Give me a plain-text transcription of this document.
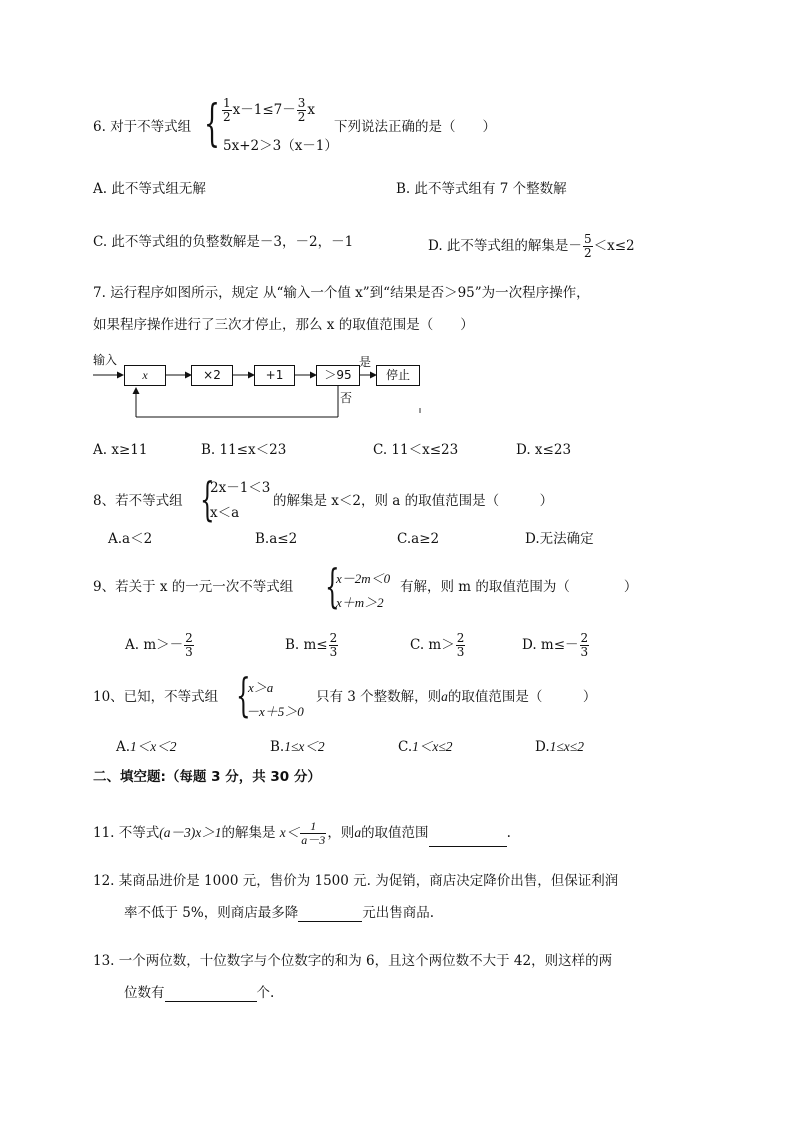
6. 对于不等式组 { $\frac{1}{2} x-1\le 7- \frac{3}{2}$ x
5x+2＞3（x－1）
下列说法正确的是（　　）
A. 此不等式组无解	B. 此不等式组有 7 个整数解
C. 此不等式组的负整数解是－3，－2，－1	D. 此不等式组的解集是－ $\frac{5}{2} <x\le 2$
7. 运行程序如图所示，规定 从“输入一个值 x”到“结果是否＞95”为一次程序操作，
如果程序操作进行了三次才停止，那么 x 的取值范围是（　　）
输入
x	×2	+1	＞95	停止
是
否
A. x≥11	B. 11≤x＜23	C. 11＜x≤23	D. x≤23
8、若不等式组 {
2x－1＜3
x＜a
的解集是 x＜2，则 a 的取值范围是（　　　）
A.a＜2	B.a≤2	C.a≥2	D.无法确定
9、若关于 x 的一元一次不等式组 {
x－2m＜0
x＋m＞2
有解，则 m 的取值范围为（　　　　）
A. $m>- \frac{2}{3}$	B. $m\le \frac{2}{3}$	C. $m> \frac{2}{3}$	D. $m\le- \frac{2}{3}$
10、已知，不等式组 {
x＞a
－x＋5＞0
只有 3 个整数解，则a的取值范围是（　　　）
A.1＜x＜2	B.1≤x＜2	C.1＜x≤2	D.1≤x≤2
二、填空题:（每题 3 分，共 30 分）
11. 不等式(a－3)x＞1的解集是 $x< \frac{1}{a-3}$ ，则a的取值范围	.
12. 某商品进价是 1000 元，售价为 1500 元. 为促销，商店决定降价出售，但保证利润
率不低于 5%，则商店最多降	元出售商品.
13. 一个两位数，十位数字与个位数字的和为 6，且这个两位数不大于 42，则这样的两
位数有	个.
